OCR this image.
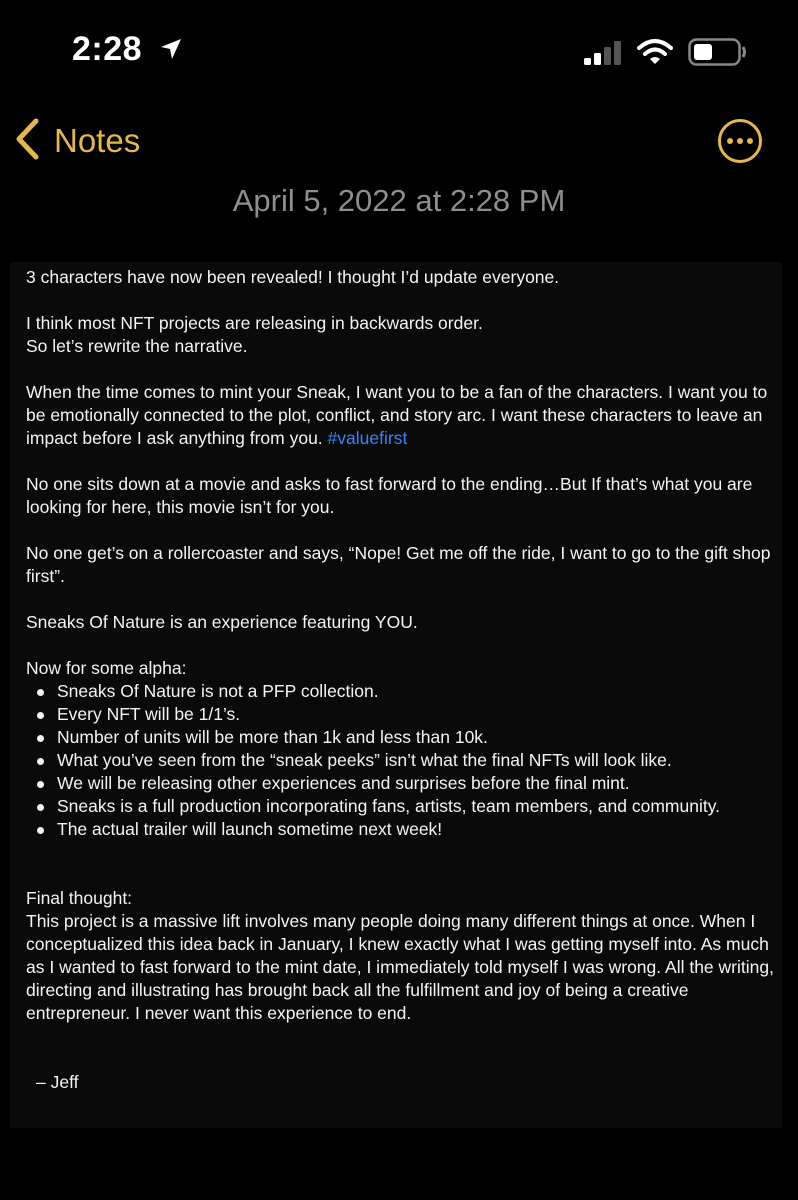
2:28
Notes
April 5, 2022 at 2:28 PM

3 characters have now been revealed! I thought I’d update everyone.

I think most NFT projects are releasing in backwards order.

So let’s rewrite the narrative.

When the time comes to mint your Sneak, I want you to be a fan of the characters. I want you to be emotionally connected to the plot, conflict, and story arc. I want these characters to leave an impact before I ask anything from you. #valuefirst

No one sits down at a movie and asks to fast forward to the ending…But If that’s what you are looking for here, this movie isn’t for you.

No one get’s on a rollercoaster and says, “Nope! Get me off the ride, I want to go to the gift shop first”.

Sneaks Of Nature is an experience featuring YOU.

Now for some alpha:

Sneaks Of Nature is not a PFP collection.
Every NFT will be 1/1’s.
Number of units will be more than 1k and less than 10k.
What you’ve seen from the “sneak peeks” isn’t what the final NFTs will look like.
We will be releasing other experiences and surprises before the final mint.
Sneaks is a full production incorporating fans, artists, team members, and community.
The actual trailer will launch sometime next week!

Final thought:

This project is a massive lift involves many people doing many different things at once. When I conceptualized this idea back in January, I knew exactly what I was getting myself into. As much as I wanted to fast forward to the mint date, I immediately told myself I was wrong. All the writing, directing and illustrating has brought back all the fulfillment and joy of being a creative entrepreneur. I never want this experience to end.

– Jeff
